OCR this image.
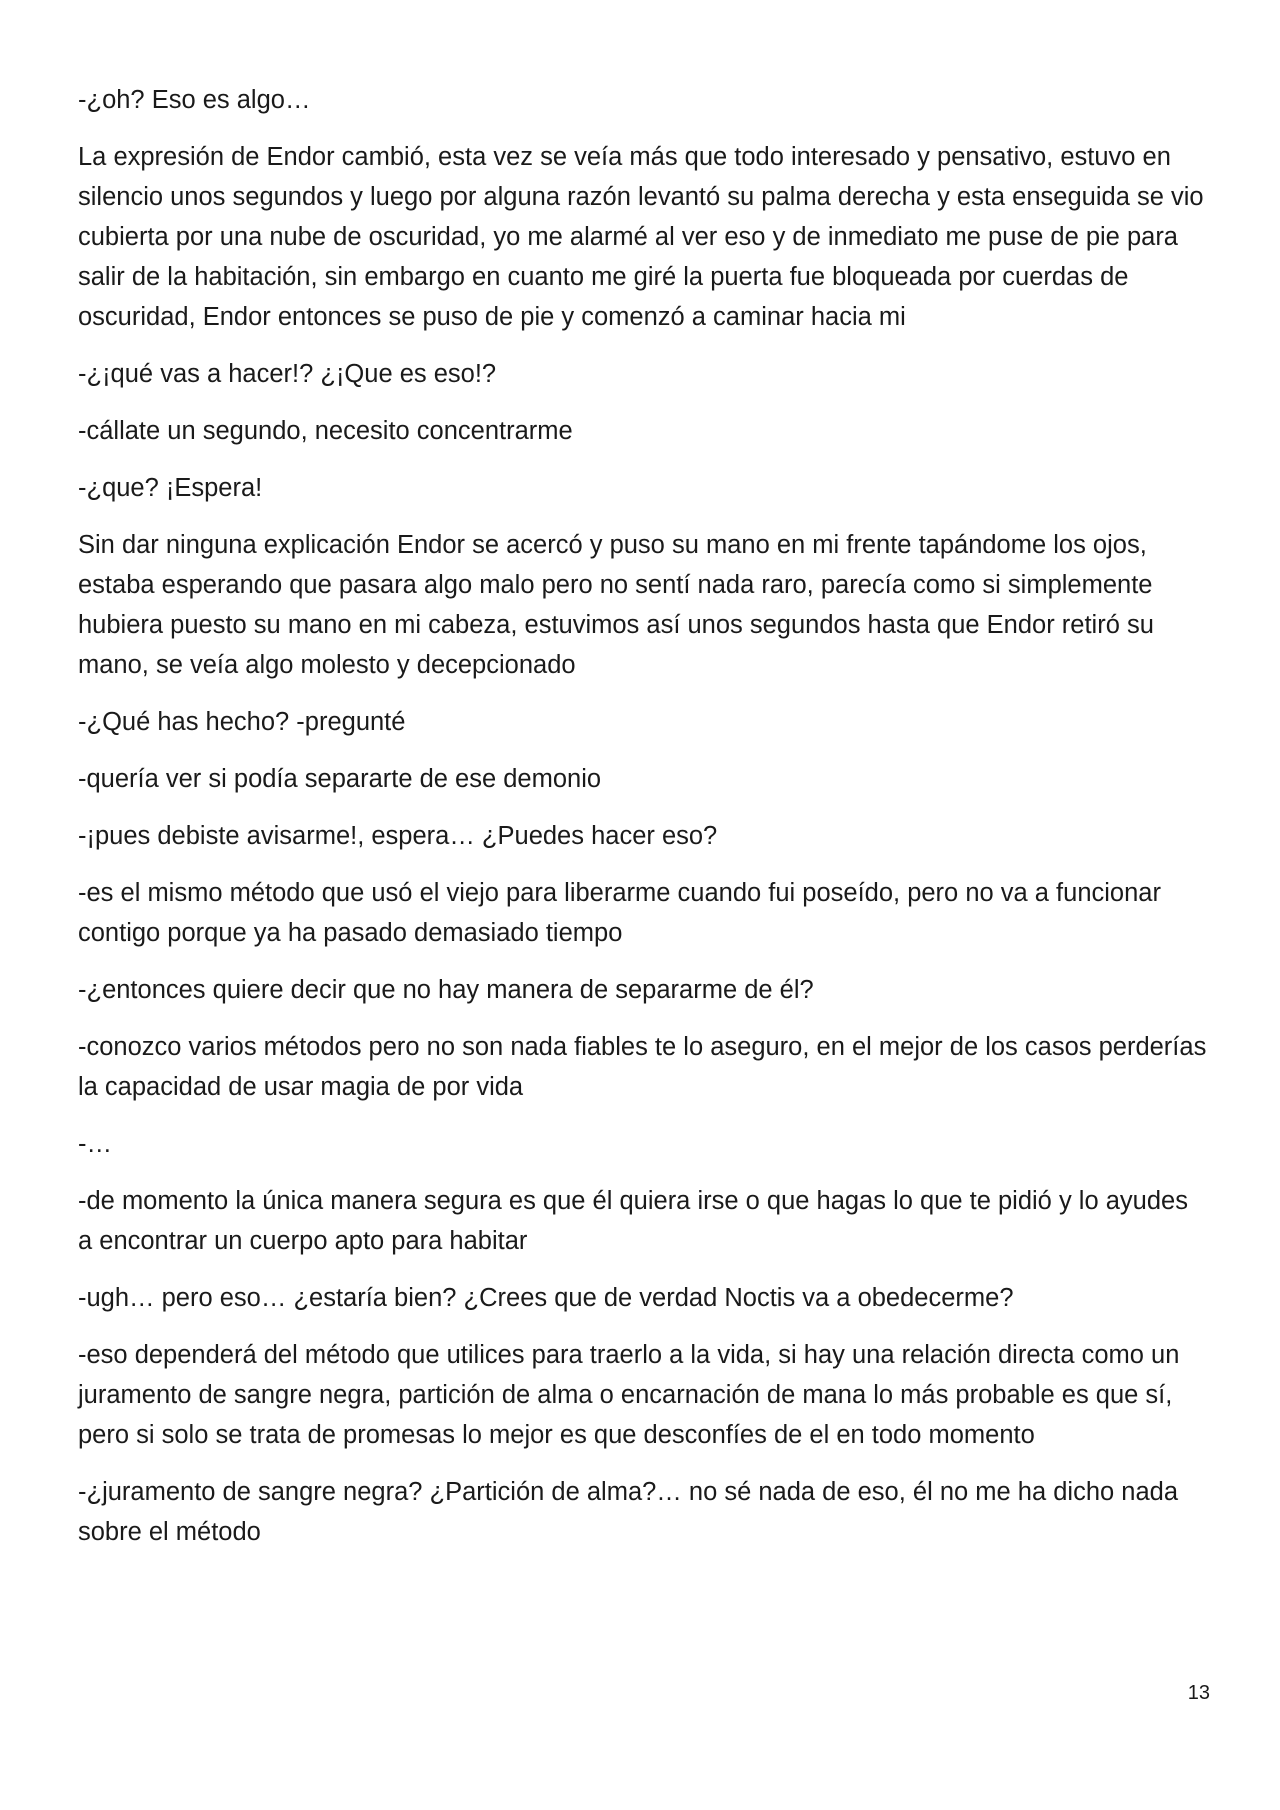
-¿oh? Eso es algo…

La expresión de Endor cambió, esta vez se veía más que todo interesado y pensativo, estuvo en silencio unos segundos y luego por alguna razón levantó su palma derecha y esta enseguida se vio cubierta por una nube de oscuridad, yo me alarmé al ver eso y de inmediato me puse de pie para salir de la habitación, sin embargo en cuanto me giré la puerta fue bloqueada por cuerdas de oscuridad, Endor entonces se puso de pie y comenzó a caminar hacia mi

-¿¡qué vas a hacer!? ¿¡Que es eso!?

-cállate un segundo, necesito concentrarme

-¿que? ¡Espera!

Sin dar ninguna explicación Endor se acercó y puso su mano en mi frente tapándome los ojos, estaba esperando que pasara algo malo pero no sentí nada raro, parecía como si simplemente hubiera puesto su mano en mi cabeza, estuvimos así unos segundos hasta que Endor retiró su mano, se veía algo molesto y decepcionado

-¿Qué has hecho? -pregunté

-quería ver si podía separarte de ese demonio

-¡pues debiste avisarme!, espera… ¿Puedes hacer eso?

-es el mismo método que usó el viejo para liberarme cuando fui poseído, pero no va a funcionar contigo porque ya ha pasado demasiado tiempo

-¿entonces quiere decir que no hay manera de separarme de él?

-conozco varios métodos pero no son nada fiables te lo aseguro, en el mejor de los casos perderías la capacidad de usar magia de por vida

-…

-de momento la única manera segura es que él quiera irse o que hagas lo que te pidió y lo ayudes a encontrar un cuerpo apto para habitar

-ugh… pero eso… ¿estaría bien? ¿Crees que de verdad Noctis va a obedecerme?

-eso dependerá del método que utilices para traerlo a la vida, si hay una relación directa como un juramento de sangre negra, partición de alma o encarnación de mana lo más probable es que sí, pero si solo se trata de promesas lo mejor es que desconfíes de el en todo momento

-¿juramento de sangre negra? ¿Partición de alma?… no sé nada de eso, él no me ha dicho nada sobre el método

13
